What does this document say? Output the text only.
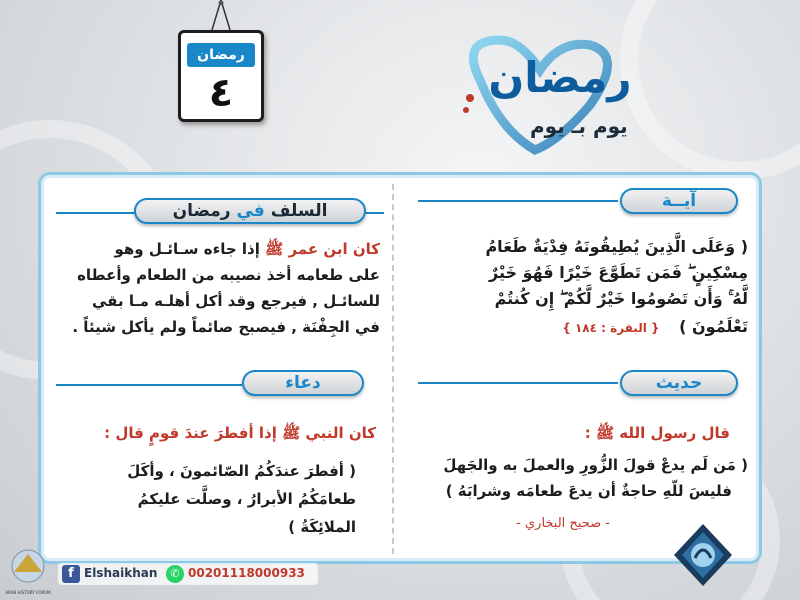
رمضان
٤	رمضان
يوم بـ يوم
آيــة
( وَعَلَى الَّذِينَ يُطِيقُونَهُ فِدْيَةٌ طَعَامُ
مِسْكِينٍ ۖ فَمَن تَطَوَّعَ خَيْرًا فَهُوَ خَيْرٌ
لَّهُ ۚ وَأَن تَصُومُوا خَيْرٌ لَّكُمْ ۖ إِن كُنتُمْ
تَعْلَمُونَ ) { البقرة : ١٨٤ }
حديث
قال رسول الله ﷺ :
( مَن لَم يدعْ قولَ الزُّورِ والعملَ به والجَهلَ
فليسَ للّهِ حاجةٌ أن يدعَ طعامَه وشرابَهُ )
- صحيح البخاري -
السلف في رمضان
كان ابن عمر ﷺ إذا جاءه سـائـل وهو
على طعامه أخذ نصيبه من الطعام وأعطاه
للسائـل , فيرجع وقد أكل أهلـه مـا بقي
في الجِفْنَة , فيصبح صائماً ولم يأكل شيئاً .
دعاء
كان النبي ﷺ إذا أفطرَ عندَ قومٍ قال :
( أفطرَ عندَكُمُ الصّائمونَ ، وأكَلَ
طعامَكُمُ الأبرارُ ، وصلَّت عليكمُ
الملائِكَةُ )
ARAB HISTORY FORUM
f Elshaikhan	✆ 00201118000933
